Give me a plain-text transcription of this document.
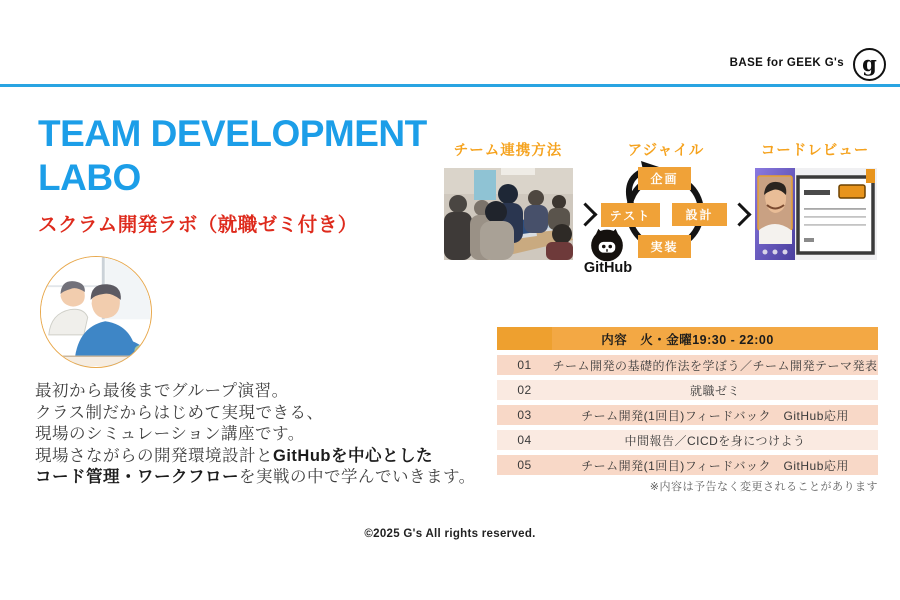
BASE for GEEK G's g
TEAM DEVELOPMENT
LABO
スクラム開発ラボ（就職ゼミ付き）
最初から最後までグループ演習。
クラス制だからはじめて実現できる、
現場のシミュレーション講座です。
現場さながらの開発環境設計とGitHubを中心とした
コード管理・ワークフローを実戦の中で学んでいきます。
チーム連携方法	アジャイル	コードレビュー
企画
テスト	設計
実装
GitHub
内容　火・金曜19:30 - 22:00
01	チーム開発の基礎的作法を学ぼう／チーム開発テーマ発表
02	就職ゼミ
03	チーム開発(1回目)フィードバック　GitHub応用
04	中間報告／CICDを身につけよう
05	チーム開発(1回目)フィードバック　GitHub応用
※内容は予告なく変更されることがあります
©2025 G's All rights reserved.
